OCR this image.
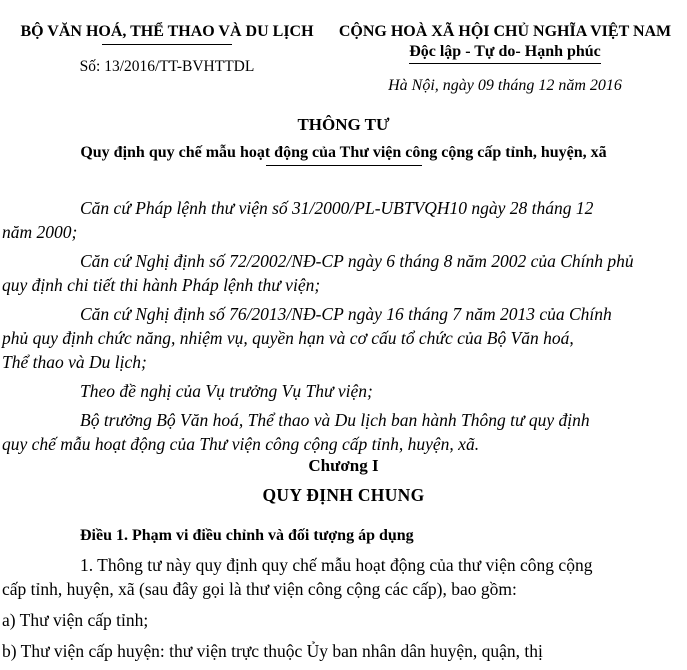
BỘ VĂN HOÁ, THỂ THAO VÀ DU LỊCH
Số: 13/2016/TT-BVHTTDL
CỘNG HOÀ XÃ HỘI CHỦ NGHĨA VIỆT NAM
Độc lập - Tự do- Hạnh phúc
Hà Nội, ngày 09 tháng 12 năm 2016
THÔNG TƯ
Quy định quy chế mẫu hoạt động của Thư viện công cộng cấp tỉnh, huyện, xã

Căn cứ Pháp lệnh thư viện số 31/2000/PL-UBTVQH10 ngày 28 tháng 12
năm 2000;

Căn cứ Nghị định số 72/2002/NĐ-CP ngày 6 tháng 8 năm 2002 của Chính phủ
quy định chi tiết thi hành Pháp lệnh thư viện;

Căn cứ Nghị định số 76/2013/NĐ-CP ngày 16 tháng 7 năm 2013 của Chính
phủ quy định chức năng, nhiệm vụ, quyền hạn và cơ cấu tổ chức của Bộ Văn hoá,
Thể thao và Du lịch;

Theo đề nghị của Vụ trưởng Vụ Thư viện;

Bộ trưởng Bộ Văn hoá, Thể thao và Du lịch ban hành Thông tư quy định
quy chế mẫu hoạt động của Thư viện công cộng cấp tỉnh, huyện, xã.

Chương I
QUY ĐỊNH CHUNG
Điều 1. Phạm vi điều chỉnh và đối tượng áp dụng

1. Thông tư này quy định quy chế mẫu hoạt động của thư viện công cộng
cấp tỉnh, huyện, xã (sau đây gọi là thư viện công cộng các cấp), bao gồm:

a) Thư viện cấp tỉnh;

b) Thư viện cấp huyện: thư viện trực thuộc Ủy ban nhân dân huyện, quận, thị
